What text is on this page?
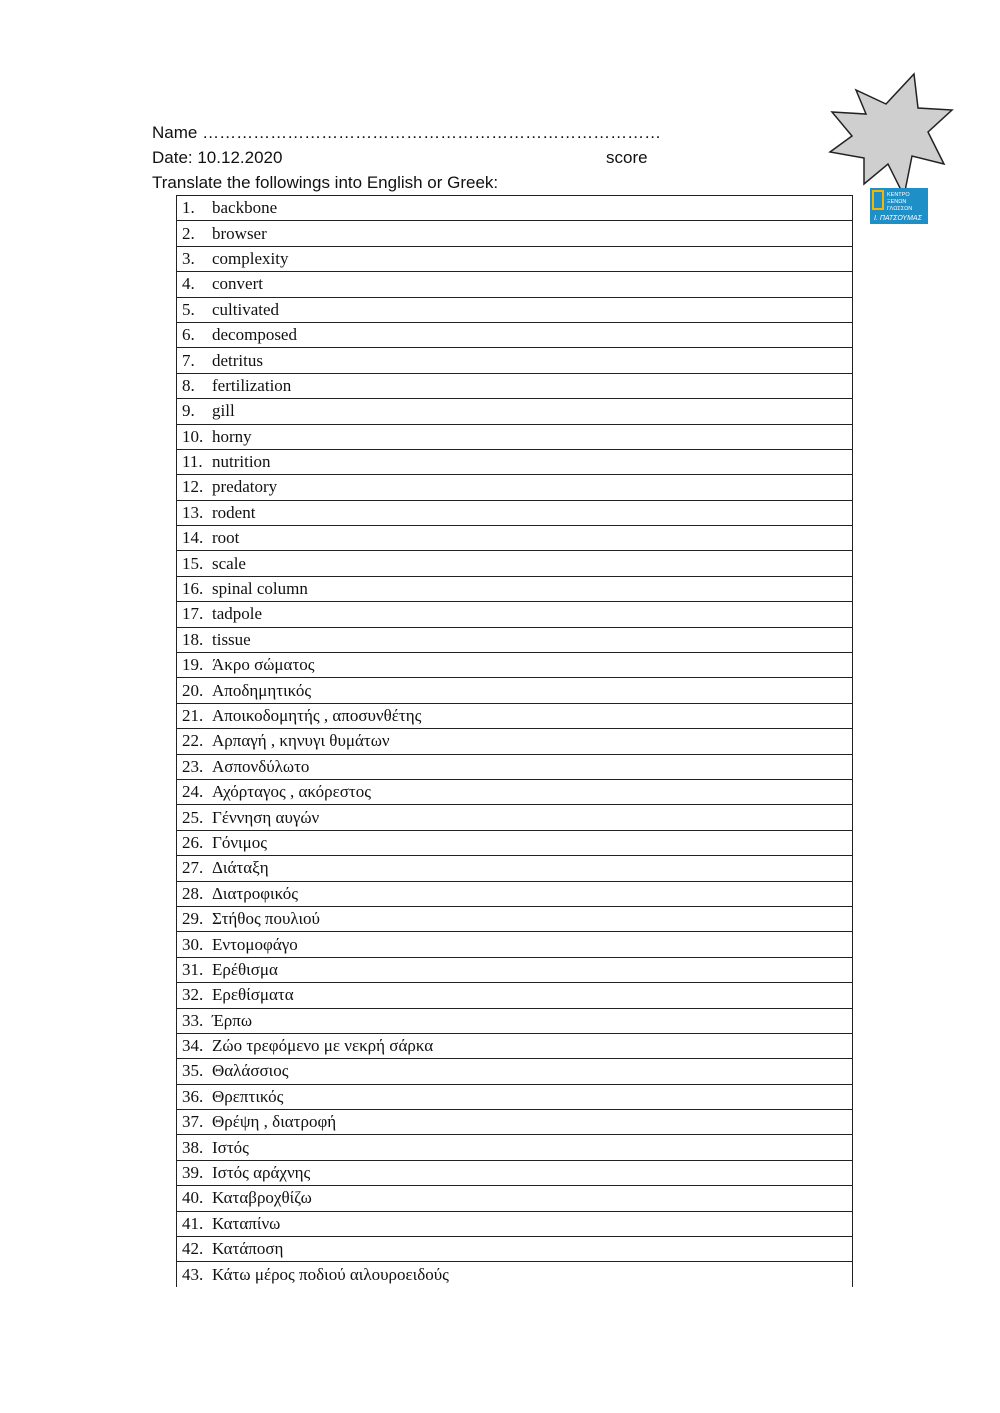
Name ………………………………………………………………………
Date: 10.12.2020	score
Translate the followings into English or Greek:
ΚΕΝΤΡΟ
ΞΕΝΩΝ
ΓΛΩΣΣΩΝ
Ι. ΠΑΤΣΟΥΜΑΣ
1. backbone
2. browser
3. complexity
4. convert
5. cultivated
6. decomposed
7. detritus
8. fertilization
9. gill
10. horny
11. nutrition
12. predatory
13. rodent
14. root
15. scale
16. spinal column
17. tadpole
18. tissue
19. Άκρο σώματος
20. Αποδημητικός
21. Αποικοδομητής , αποσυνθέτης
22. Αρπαγή , κηνυγι θυμάτων
23. Ασπονδύλωτο
24. Αχόρταγος , ακόρεστος
25. Γέννηση αυγών
26. Γόνιμος
27. Διάταξη
28. Διατροφικός
29. Στήθος πουλιού
30. Εντομοφάγο
31. Ερέθισμα
32. Ερεθίσματα
33. Έρπω
34. Ζώο τρεφόμενο με νεκρή σάρκα
35. Θαλάσσιος
36. Θρεπτικός
37. Θρέψη , διατροφή
38. Ιστός
39. Ιστός αράχνης
40. Καταβροχθίζω
41. Καταπίνω
42. Κατάποση
43. Κάτω μέρος ποδιού αιλουροειδούς
